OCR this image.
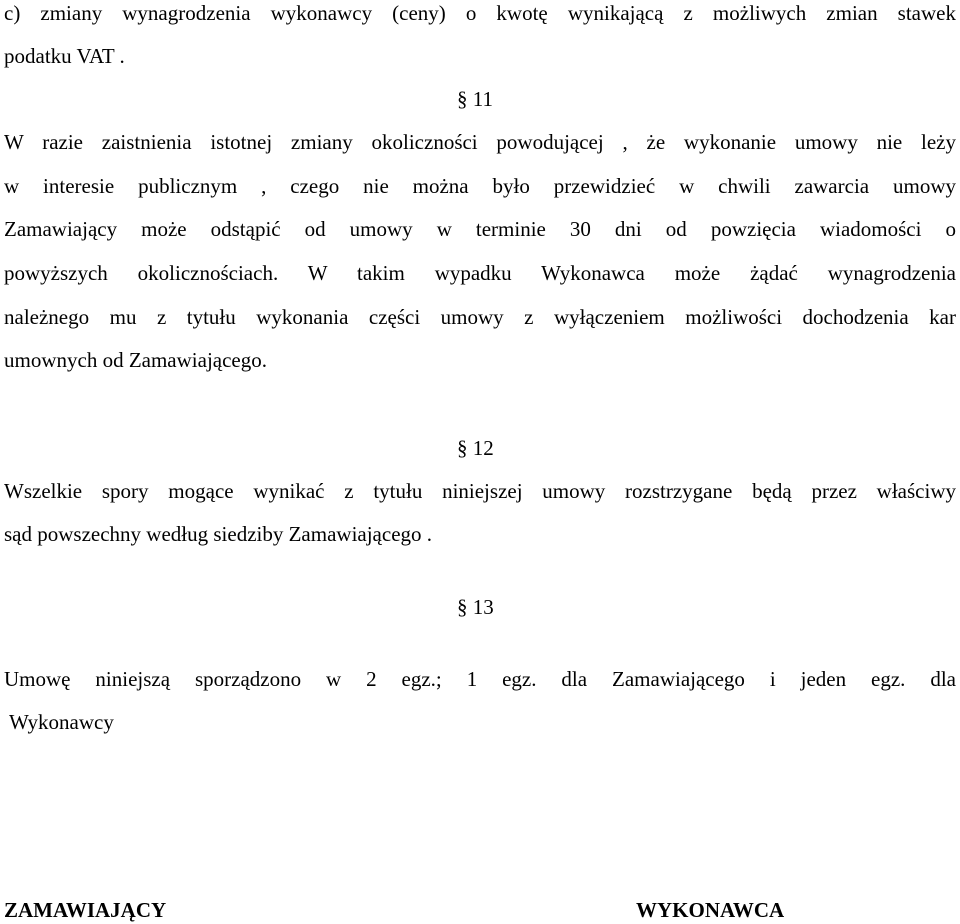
c) zmiany wynagrodzenia wykonawcy (ceny) o kwotę wynikającą z możliwych zmian stawek
podatku VAT .
§ 11
W razie zaistnienia istotnej zmiany okoliczności powodującej , że wykonanie umowy nie leży
w interesie publicznym , czego nie można było przewidzieć w chwili zawarcia umowy
Zamawiający może odstąpić od umowy w terminie 30 dni od powzięcia wiadomości o
powyższych okolicznościach. W takim wypadku Wykonawca może żądać wynagrodzenia
należnego mu z tytułu wykonania części umowy z wyłączeniem możliwości dochodzenia kar
umownych od Zamawiającego.
§ 12
Wszelkie spory mogące wynikać z tytułu niniejszej umowy rozstrzygane będą przez właściwy
sąd powszechny według siedziby Zamawiającego .
§ 13
Umowę niniejszą sporządzono w 2 egz.; 1 egz. dla Zamawiającego i jeden egz. dla
Wykonawcy
ZAMAWIAJĄCY	WYKONAWCA
